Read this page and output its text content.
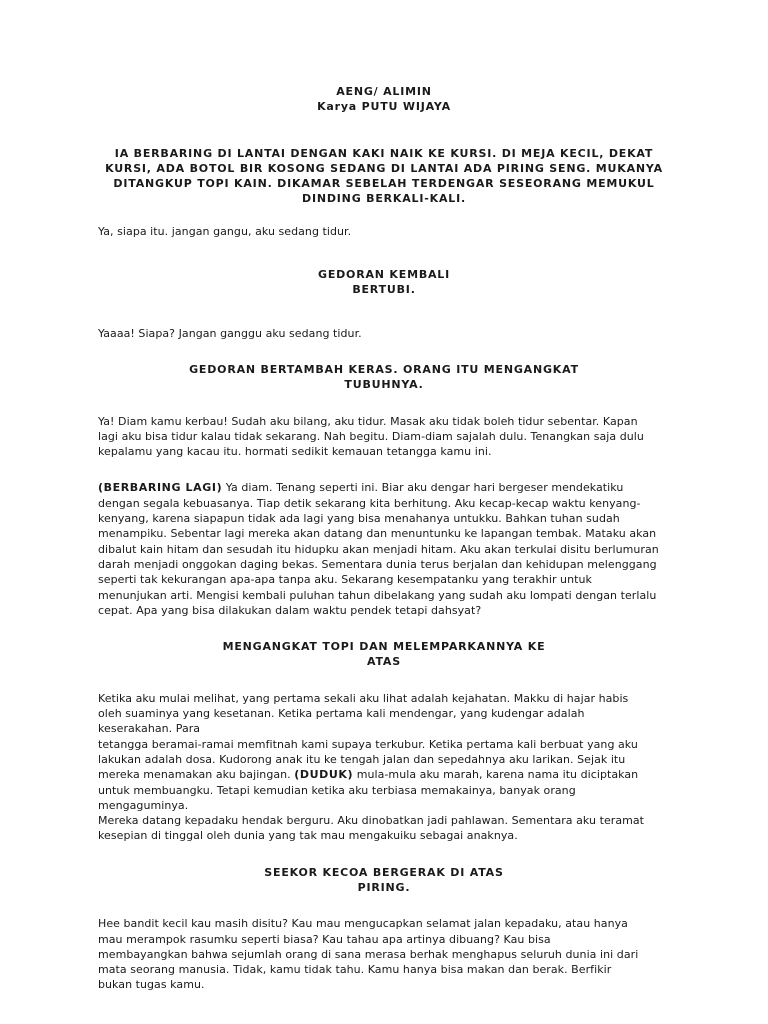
AENG/ ALIMIN
Karya PUTU WIJAYA
IA BERBARING DI LANTAI DENGAN KAKI NAIK KE KURSI. DI MEJA KECIL, DEKAT
KURSI, ADA BOTOL BIR KOSONG SEDANG DI LANTAI ADA PIRING SENG. MUKANYA
DITANGKUP TOPI KAIN. DIKAMAR SEBELAH TERDENGAR SESEORANG MEMUKUL
DINDING BERKALI-KALI.
Ya, siapa itu. jangan gangu, aku sedang tidur.
GEDORAN KEMBALI
BERTUBI.
Yaaaa! Siapa? Jangan ganggu aku sedang tidur.
GEDORAN BERTAMBAH KERAS. ORANG ITU MENGANGKAT
TUBUHNYA.
Ya! Diam kamu kerbau! Sudah aku bilang, aku tidur. Masak aku tidak boleh tidur sebentar. Kapan
lagi aku bisa tidur kalau tidak sekarang. Nah begitu. Diam-diam sajalah dulu. Tenangkan saja dulu
kepalamu yang kacau itu. hormati sedikit kemauan tetangga kamu ini.
(BERBARING LAGI) Ya diam. Tenang seperti ini. Biar aku dengar hari bergeser mendekatiku
dengan segala kebuasanya. Tiap detik sekarang kita berhitung. Aku kecap-kecap waktu kenyang-
kenyang, karena siapapun tidak ada lagi yang bisa menahanya untukku. Bahkan tuhan sudah
menampiku. Sebentar lagi mereka akan datang dan menuntunku ke lapangan tembak. Mataku akan
dibalut kain hitam dan sesudah itu hidupku akan menjadi hitam. Aku akan terkulai disitu berlumuran
darah menjadi onggokan daging bekas. Sementara dunia terus berjalan dan kehidupan melenggang
seperti tak kekurangan apa-apa tanpa aku. Sekarang kesempatanku yang terakhir untuk
menunjukan arti. Mengisi kembali puluhan tahun dibelakang yang sudah aku lompati dengan terlalu
cepat. Apa yang bisa dilakukan dalam waktu pendek tetapi dahsyat?
MENGANGKAT TOPI DAN MELEMPARKANNYA KE
ATAS
Ketika aku mulai melihat, yang pertama sekali aku lihat adalah kejahatan. Makku di hajar habis
oleh suaminya yang kesetanan. Ketika pertama kali mendengar, yang kudengar adalah
keserakahan. Para
tetangga beramai-ramai memfitnah kami supaya terkubur. Ketika pertama kali berbuat yang aku
lakukan adalah dosa. Kudorong anak itu ke tengah jalan dan sepedahnya aku larikan. Sejak itu
mereka menamakan aku bajingan. (DUDUK) mula-mula aku marah, karena nama itu diciptakan
untuk membuangku. Tetapi kemudian ketika aku terbiasa memakainya, banyak orang
mengaguminya.
Mereka datang kepadaku hendak berguru. Aku dinobatkan jadi pahlawan. Sementara aku teramat
kesepian di tinggal oleh dunia yang tak mau mengakuiku sebagai anaknya.
SEEKOR KECOA BERGERAK DI ATAS
PIRING.
Hee bandit kecil kau masih disitu? Kau mau mengucapkan selamat jalan kepadaku, atau hanya
mau merampok rasumku seperti biasa? Kau tahau apa artinya dibuang? Kau bisa
membayangkan bahwa sejumlah orang di sana merasa berhak menghapus seluruh dunia ini dari
mata seorang manusia. Tidak, kamu tidak tahu. Kamu hanya bisa makan dan berak. Berfikir
bukan tugas kamu.
